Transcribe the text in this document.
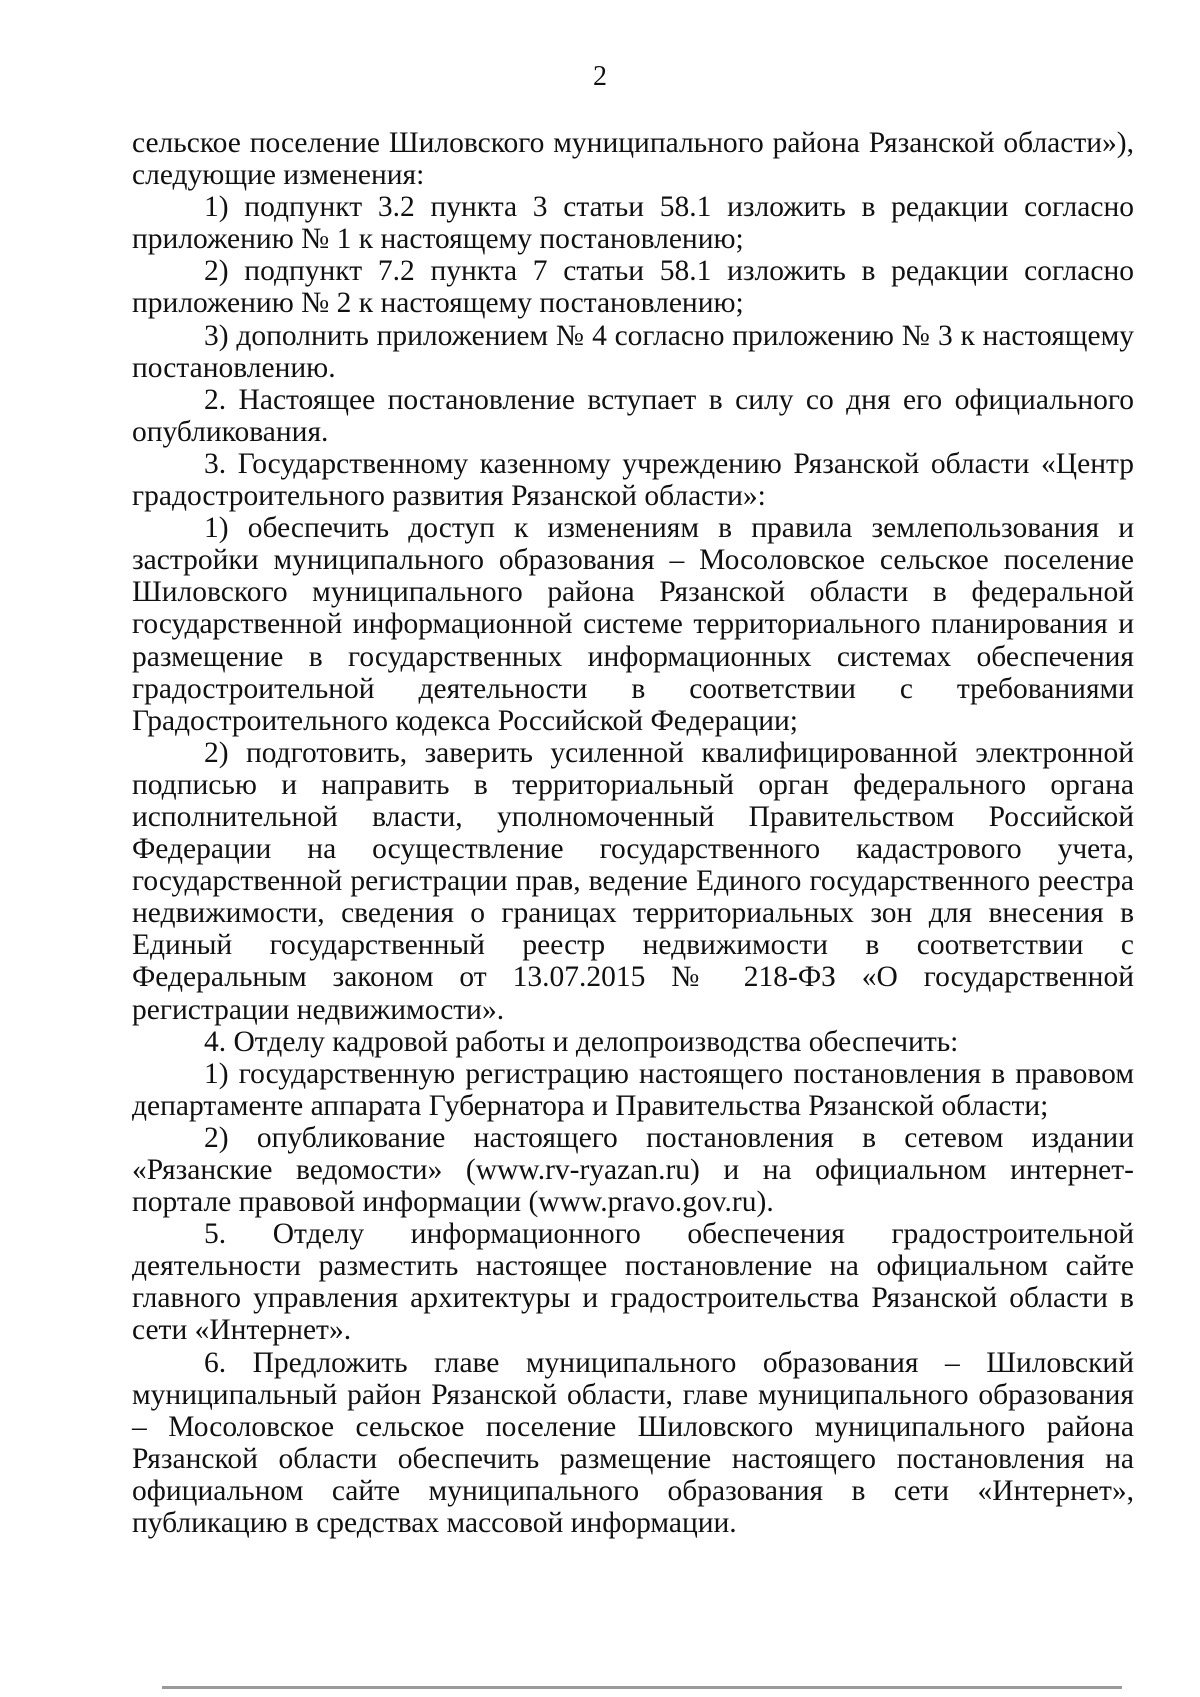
2

сельское поселение Шиловского муниципального района Рязанской области»), следующие изменения:

1) подпункт 3.2 пункта 3 статьи 58.1 изложить в редакции согласно приложению № 1 к настоящему постановлению;

2) подпункт 7.2 пункта 7 статьи 58.1 изложить в редакции согласно приложению № 2 к настоящему постановлению;

3) дополнить приложением № 4 согласно приложению № 3 к настоящему постановлению.

2. Настоящее постановление вступает в силу со дня его официального опубликования.

3. Государственному казенному учреждению Рязанской области «Центр градостроительного развития Рязанской области»:

1) обеспечить доступ к изменениям в правила землепользования и застройки муниципального образования – Мосоловское сельское поселение Шиловского муниципального района Рязанской области в федеральной государственной информационной системе территориального планирования и размещение в государственных информационных системах обеспечения градостроительной деятельности в соответствии с требованиями Градостроительного кодекса Российской Федерации;

2) подготовить, заверить усиленной квалифицированной электронной подписью и направить в территориальный орган федерального органа исполнительной власти, уполномоченный Правительством Российской Федерации на осуществление государственного кадастрового учета, государственной регистрации прав, ведение Единого государственного реестра недвижимости, сведения о границах территориальных зон для внесения в Единый государственный реестр недвижимости в соответствии с Федеральным законом от 13.07.2015 № 218-ФЗ «О государственной регистрации недвижимости».

4. Отделу кадровой работы и делопроизводства обеспечить:

1) государственную регистрацию настоящего постановления в правовом департаменте аппарата Губернатора и Правительства Рязанской области;

2) опубликование настоящего постановления в сетевом издании «Рязанские ведомости» (www.rv-ryazan.ru) и на официальном интернет-портале правовой информации (www.pravo.gov.ru).

5. Отделу информационного обеспечения градостроительной деятельности разместить настоящее постановление на официальном сайте главного управления архитектуры и градостроительства Рязанской области в сети «Интернет».

6. Предложить главе муниципального образования – Шиловский муниципальный район Рязанской области, главе муниципального образования – Мосоловское сельское поселение Шиловского муниципального района Рязанской области обеспечить размещение настоящего постановления на официальном сайте муниципального образования в сети «Интернет», публикацию в средствах массовой информации.
